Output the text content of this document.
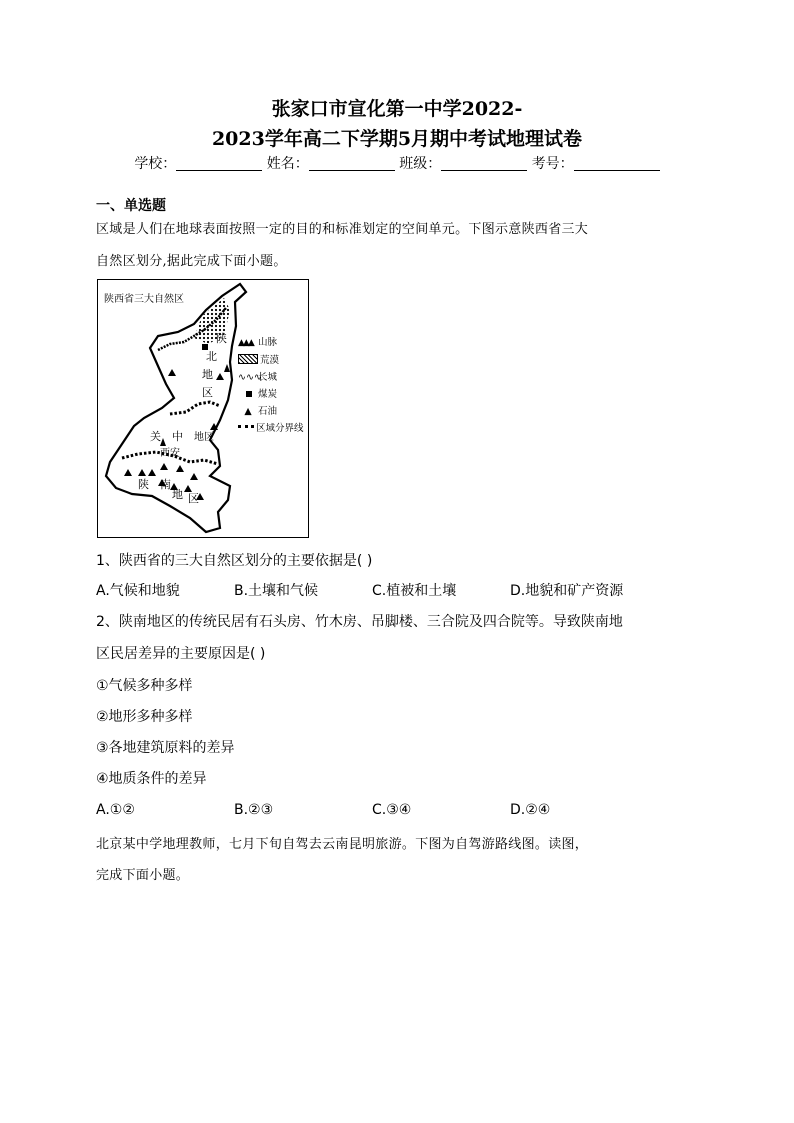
张家口市宣化第一中学2022-
2023学年高二下学期5月期中考试地理试卷
学校：	姓名：	班级：	考号：
一、单选题
区域是人们在地球表面按照一定的目的和标准划定的空间单元。下图示意陕西省三大
自然区划分,据此完成下面小题。
陕西省三大自然区
陕
北
地
区
关 中 地区
西安
陕 南
地 区
▲▲▲ 山脉
荒漠
∿∿∿长城
煤炭
▲ 石油
区域分界线
1、陕西省的三大自然区划分的主要依据是( )
A.气候和地貌	B.土壤和气候	C.植被和土壤	D.地貌和矿产资源
2、陕南地区的传统民居有石头房、竹木房、吊脚楼、三合院及四合院等。导致陕南地
区民居差异的主要原因是( )
①气候多种多样
②地形多种多样
③各地建筑原料的差异
④地质条件的差异
A.①②	B.②③	C.③④	D.②④
北京某中学地理教师，七月下旬自驾去云南昆明旅游。下图为自驾游路线图。读图，
完成下面小题。
